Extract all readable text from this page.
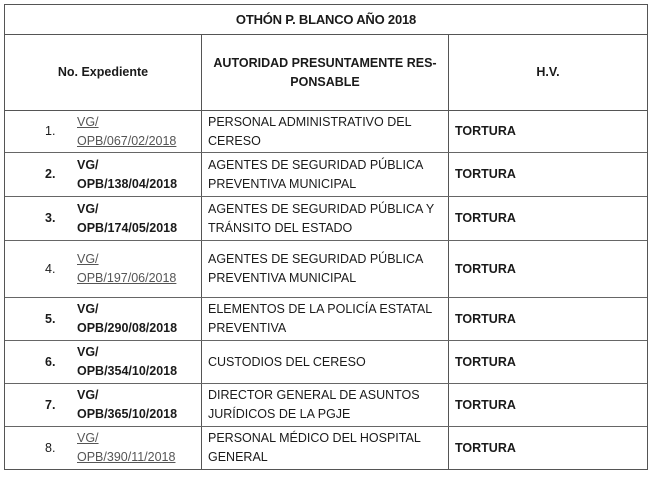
OTHÓN P. BLANCO AÑO 2018
No. Expediente
AUTORIDAD PRESUNTAMENTE RES-
PONSABLE
H.V.
1.
VG/
OPB/067/02/2018
PERSONAL ADMINISTRATIVO DEL
CERESO
TORTURA
2.
VG/
OPB/138/04/2018
AGENTES DE SEGURIDAD PÚBLICA
PREVENTIVA MUNICIPAL
TORTURA
3.
VG/
OPB/174/05/2018
AGENTES DE SEGURIDAD PÚBLICA Y
TRÁNSITO DEL ESTADO
TORTURA
4.
VG/
OPB/197/06/2018
AGENTES DE SEGURIDAD PÚBLICA
PREVENTIVA MUNICIPAL
TORTURA
5.
VG/
OPB/290/08/2018
ELEMENTOS DE LA POLICÍA ESTATAL
PREVENTIVA
TORTURA
6.
VG/
OPB/354/10/2018
CUSTODIOS DEL CERESO	TORTURA
7.
VG/
OPB/365/10/2018
DIRECTOR GENERAL DE ASUNTOS
JURÍDICOS DE LA PGJE
TORTURA
8.
VG/
OPB/390/11/2018
PERSONAL MÉDICO DEL HOSPITAL
GENERAL
TORTURA
